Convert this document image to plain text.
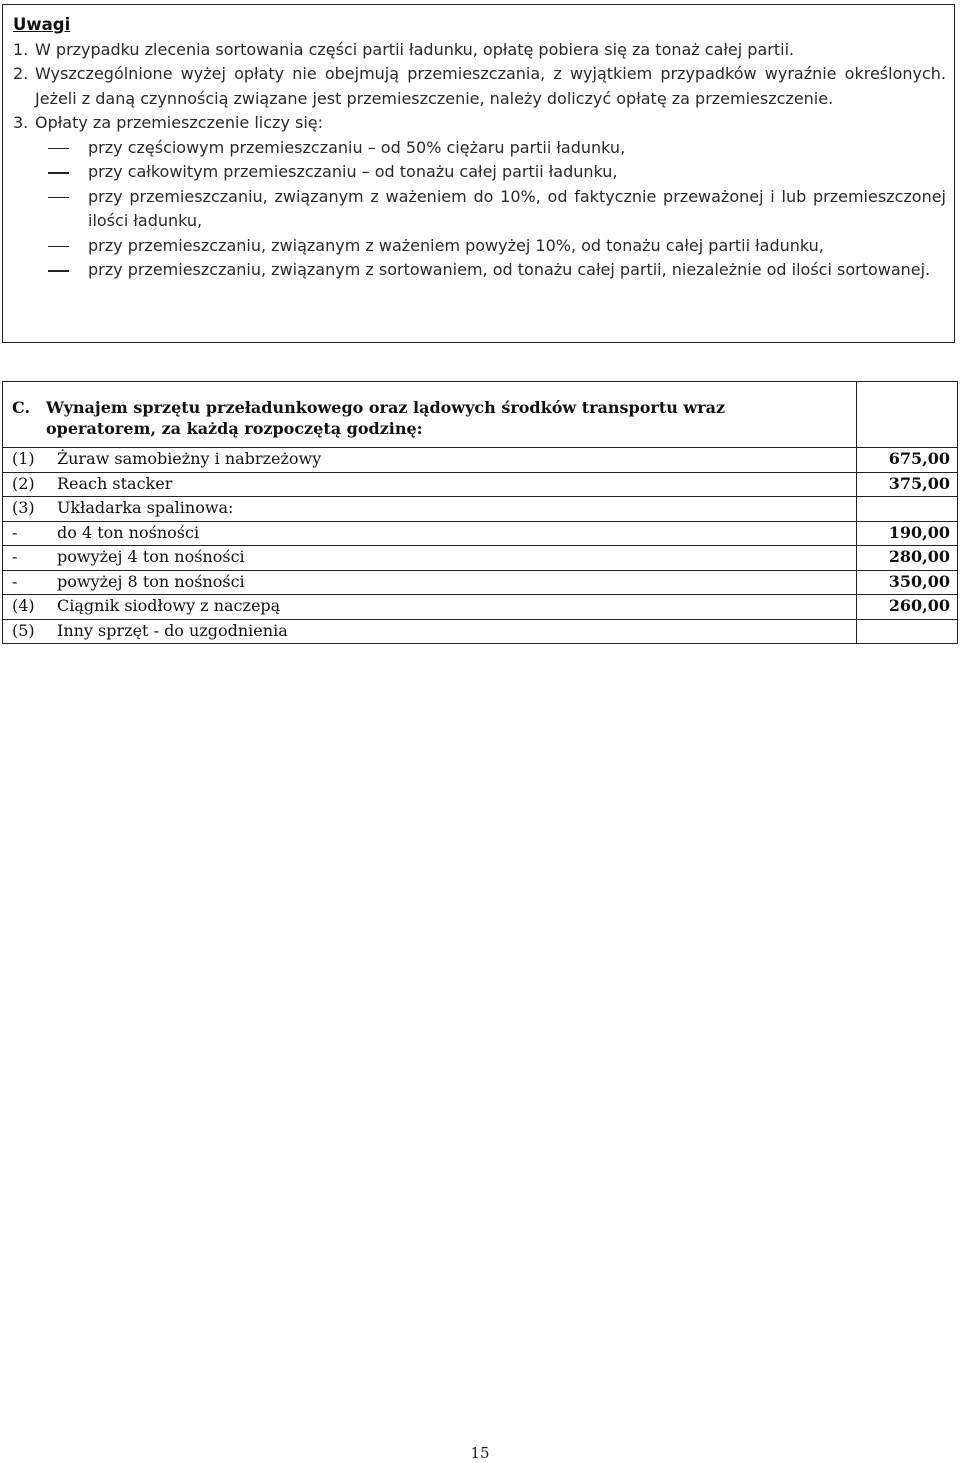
Uwagi
1. W przypadku zlecenia sortowania części partii ładunku, opłatę pobiera się za tonaż całej partii.
2. Wyszczególnione wyżej opłaty nie obejmują przemieszczania, z wyjątkiem przypadków wyraźnie określonych. Jeżeli z daną czynnością związane jest przemieszczenie, należy doliczyć opłatę za przemieszczenie.
3. Opłaty za przemieszczenie liczy się:
przy częściowym przemieszczaniu – od 50% ciężaru partii ładunku,
przy całkowitym przemieszczaniu – od tonażu całej partii ładunku,
przy przemieszczaniu, związanym z ważeniem do 10%, od faktycznie przeważonej i lub przemieszczonej ilości ładunku,
przy przemieszczaniu, związanym z ważeniem powyżej 10%, od tonażu całej partii ładunku,
przy przemieszczaniu, związanym z sortowaniem, od tonażu całej partii, niezależnie od ilości sortowanej.
C. Wynajem sprzętu przeładunkowego oraz lądowych środków transportu wraz operatorem, za każdą rozpoczętą godzinę:	

(1) Żuraw samobieżny i nabrzeżowy	675,00
(2) Reach stacker	375,00
(3) Układarka spalinowa:	
- do 4 ton nośności	190,00
- powyżej 4 ton nośności	280,00
- powyżej 8 ton nośności	350,00
(4) Ciągnik siodłowy z naczepą	260,00
(5) Inny sprzęt - do uzgodnienia	
15
